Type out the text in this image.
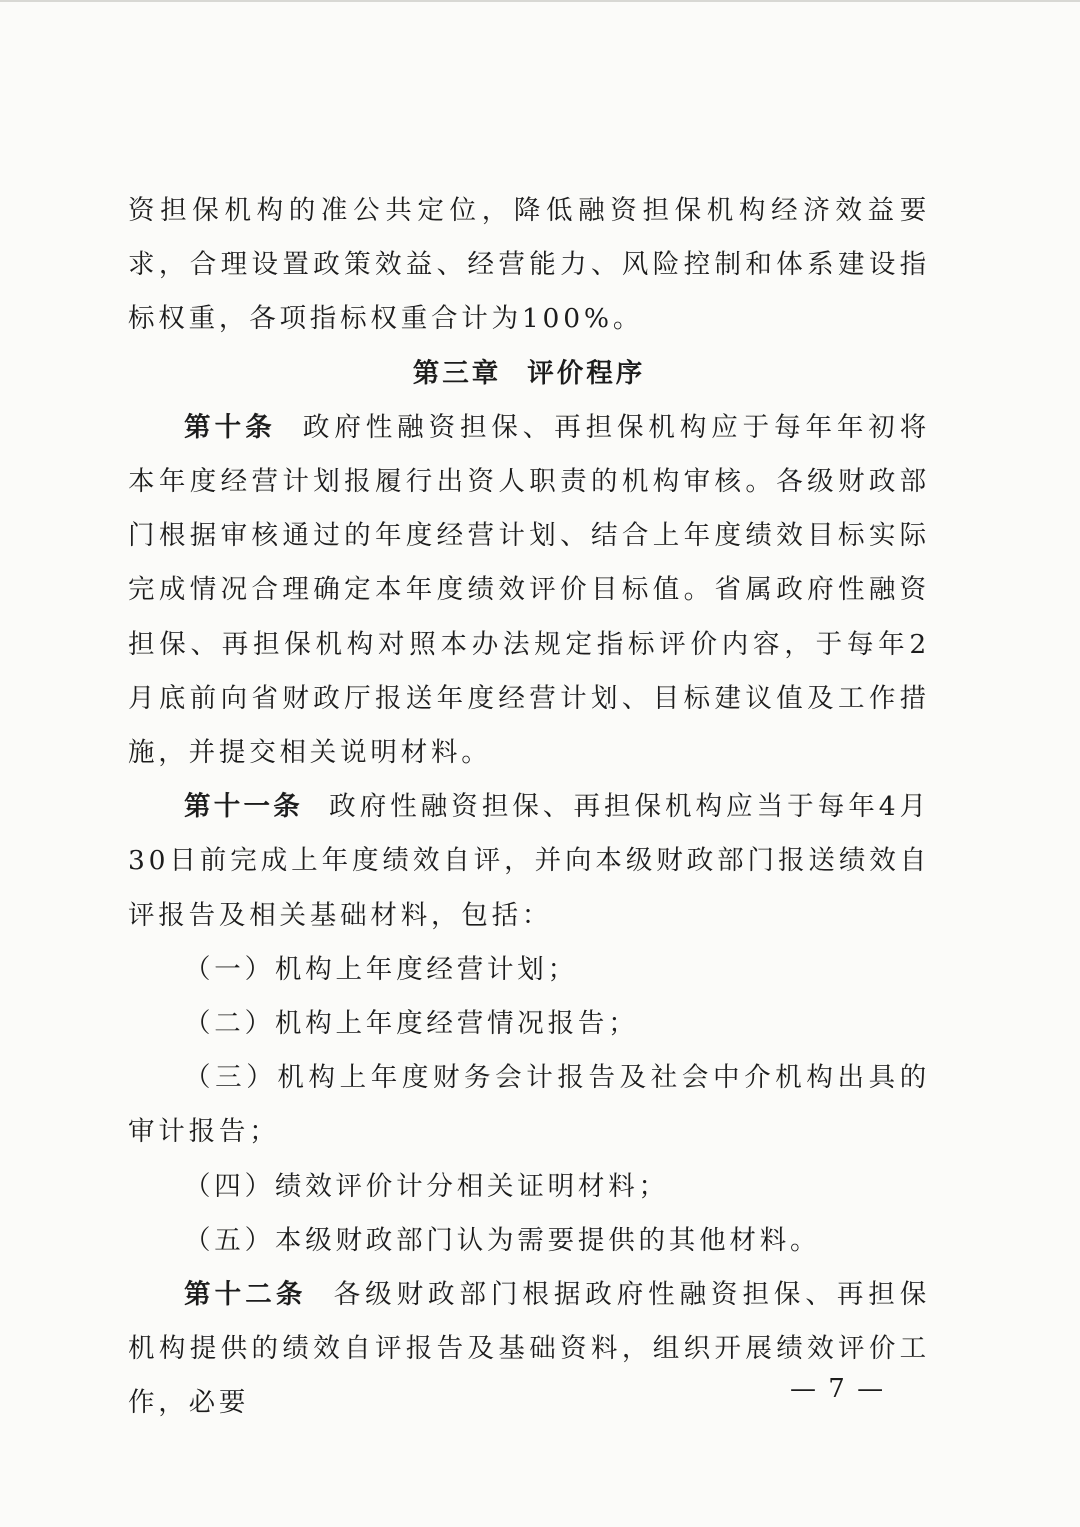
资担保机构的准公共定位，降低融资担保机构经济效益要求，合理设置政策效益、经营能力、风险控制和体系建设指标权重，各项指标权重合计为100%。

第三章 评价程序

第十条 政府性融资担保、再担保机构应于每年年初将本年度经营计划报履行出资人职责的机构审核。各级财政部门根据审核通过的年度经营计划、结合上年度绩效目标实际完成情况合理确定本年度绩效评价目标值。省属政府性融资担保、再担保机构对照本办法规定指标评价内容，于每年2月底前向省财政厅报送年度经营计划、目标建议值及工作措施，并提交相关说明材料。

第十一条 政府性融资担保、再担保机构应当于每年4月30日前完成上年度绩效自评，并向本级财政部门报送绩效自评报告及相关基础材料，包括：

（一）机构上年度经营计划；

（二）机构上年度经营情况报告；

（三）机构上年度财务会计报告及社会中介机构出具的审计报告；

（四）绩效评价计分相关证明材料；

（五）本级财政部门认为需要提供的其他材料。

第十二条 各级财政部门根据政府性融资担保、再担保机构提供的绩效自评报告及基础资料，组织开展绩效评价工作，必要	— 7 —
